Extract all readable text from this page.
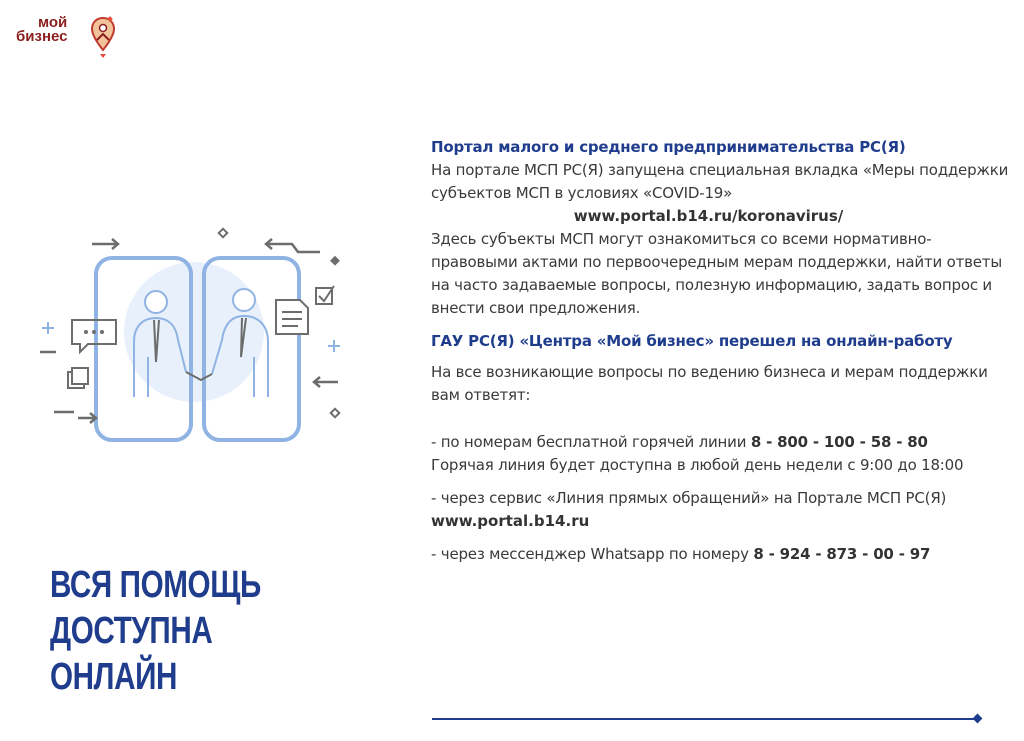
мой
бизнес
ВСЯ ПОМОЩЬ
ДОСТУПНА
ОНЛАЙН

Портал малого и среднего предпринимательства РС(Я)

На портале МСП РС(Я) запущена специальная вкладка «Меры поддержки субъектов МСП в условиях «COVID-19»

www.portal.b14.ru/koronavirus/

Здесь субъекты МСП могут ознакомиться со всеми нормативно-правовыми актами по первоочередным мерам поддержки, найти ответы на часто задаваемые вопросы, полезную информацию, задать вопрос и внести свои предложения.

ГАУ РС(Я) «Центра «Мой бизнес» перешел на онлайн-работу

На все возникающие вопросы по ведению бизнеса и мерам поддержки вам ответят:

- по номерам бесплатной горячей линии 8 - 800 - 100 - 58 - 80

Горячая линия будет доступна в любой день недели с 9:00 до 18:00

- через сервис «Линия прямых обращений» на Портале МСП РС(Я)

www.portal.b14.ru

- через мессенджер Whatsapp по номеру 8 - 924 - 873 - 00 - 97
